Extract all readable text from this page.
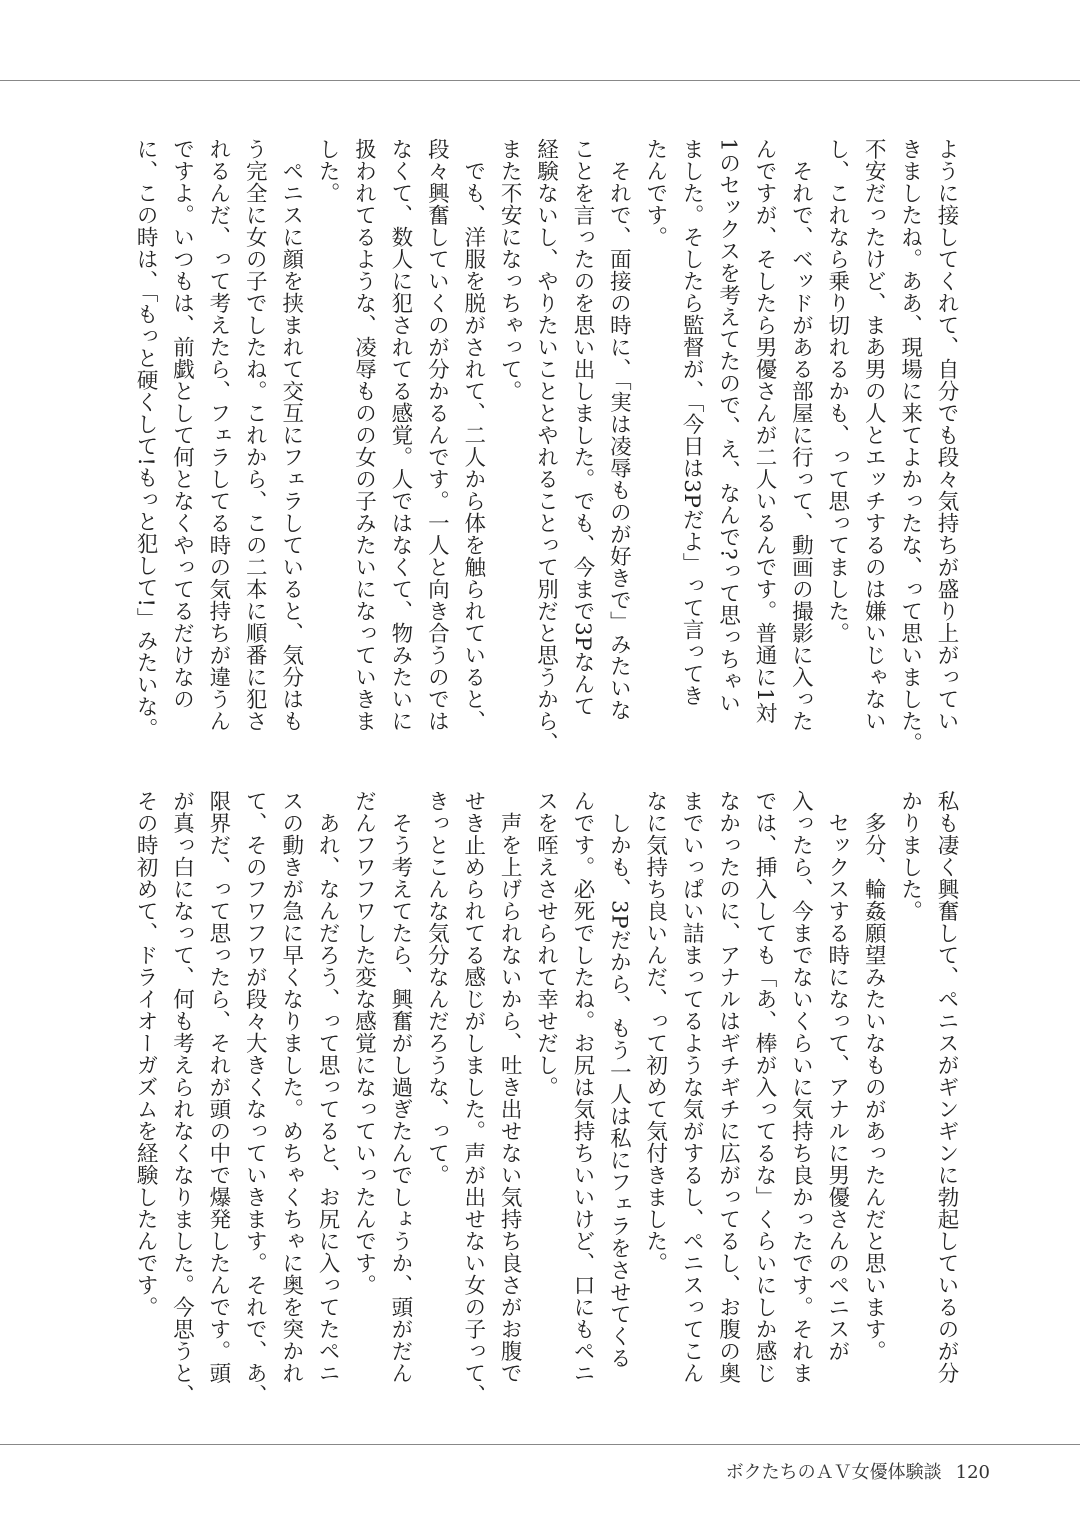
ように接してくれて、自分でも段々気持ちが盛り上がってい
きましたね。ああ、現場に来てよかったな、って思いました。
不安だったけど、まあ男の人とエッチするのは嫌いじゃない
し、これなら乗り切れるかも、って思ってました。
　それで、ベッドがある部屋に行って、動画の撮影に入った
んですが、そしたら男優さんが二人いるんです。普通に1対
1のセックスを考えてたので、え、なんで?って思っちゃい
ました。そしたら監督が、「今日は3Pだよ」って言ってき
たんです。
　それで、面接の時に、「実は凌辱ものが好きで」みたいな
ことを言ったのを思い出しました。でも、今まで3Pなんて
経験ないし、やりたいこととやれることって別だと思うから、
また不安になっちゃって。
　でも、洋服を脱がされて、二人から体を触られていると、
段々興奮していくのが分かるんです。一人と向き合うのでは
なくて、数人に犯されてる感覚。人ではなくて、物みたいに
扱われてるような、凌辱ものの女の子みたいになっていきま
した。
　ペニスに顔を挟まれて交互にフェラしていると、気分はも
う完全に女の子でしたね。これから、この二本に順番に犯さ
れるんだ、って考えたら、フェラしてる時の気持ちが違うん
ですよ。いつもは、前戯として何となくやってるだけなの
に、この時は、「もっと硬くして!もっと犯して!」みたいな。
私も凄く興奮して、ペニスがギンギンに勃起しているのが分
かりました。
　多分、輪姦願望みたいなものがあったんだと思います。
　セックスする時になって、アナルに男優さんのペニスが
入ったら、今までないくらいに気持ち良かったです。それま
では、挿入しても「あ、棒が入ってるな」くらいにしか感じ
なかったのに、アナルはギチギチに広がってるし、お腹の奥
までいっぱい詰まってるような気がするし、ペニスってこん
なに気持ち良いんだ、って初めて気付きました。
　しかも、3Pだから、もう一人は私にフェラをさせてくる
んです。必死でしたね。お尻は気持ちいいけど、口にもペニ
スを咥えさせられて幸せだし。
　声を上げられないから、吐き出せない気持ち良さがお腹で
せき止められてる感じがしました。声が出せない女の子って、
きっとこんな気分なんだろうな、って。
　そう考えてたら、興奮がし過ぎたんでしょうか、頭がだん
だんフワフワした変な感覚になっていったんです。
　あれ、なんだろう、って思ってると、お尻に入ってたペニ
スの動きが急に早くなりました。めちゃくちゃに奥を突かれ
て、そのフワフワが段々大きくなっていきます。それで、あ、
限界だ、って思ったら、それが頭の中で爆発したんです。頭
が真っ白になって、何も考えられなくなりました。今思うと、
その時初めて、ドライオーガズムを経験したんです。
ボクたちのＡＶ女優体験談 120
